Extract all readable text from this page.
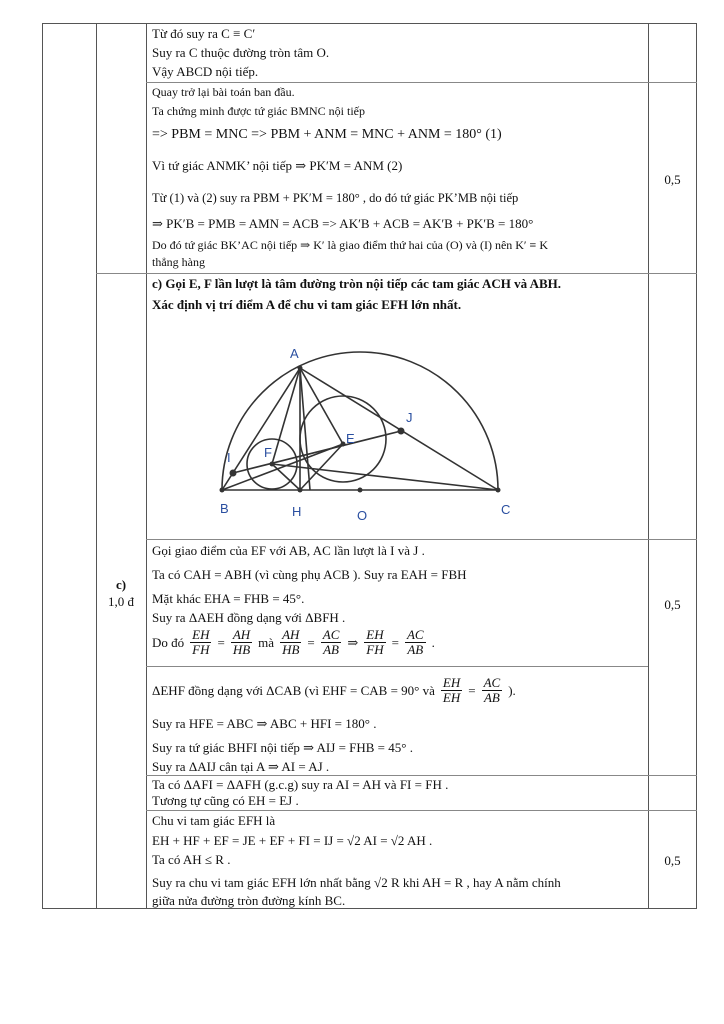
c)
1,0 đ
0,5
0,5
0,5
Từ đó suy ra C ≡ C′
Suy ra C thuộc đường tròn tâm O.
Vậy ABCD nội tiếp.
Quay trở lại bài toán ban đầu.
Ta chứng minh được tứ giác BMNC nội tiếp
=> PBM = MNC => PBM + ANM = MNC + ANM = 180° (1)
Vì tứ giác ANMK’ nội tiếp ⇒ PK′M = ANM (2)
Từ (1) và (2) suy ra PBM + PK′M = 180° , do đó tứ giác PK’MB nội tiếp
⇒ PK′B = PMB = AMN = ACB => AK′B + ACB = AK′B + PK′B = 180°
Do đó tứ giác BK’AC nội tiếp ⇒ K′ là giao điểm thứ hai của (O) và (I) nên K′ ≡ K
thẳng hàng
c) Gọi E, F lần lượt là tâm đường tròn nội tiếp các tam giác ACH và ABH.
Xác định vị trí điểm A để chu vi tam giác EFH lớn nhất.
A
B	C
H	O
E
F
I
J
Gọi giao điểm của EF với AB, AC lần lượt là I và J .
Ta có CAH = ABH (vì cùng phụ ACB ). Suy ra EAH = FBH
Mặt khác EHA = FHB = 45°.
Suy ra ΔAEH đồng dạng với ΔBFH .
Do đó $\frac{EH}{FH} = \frac{AH}{HB}$ mà $\frac{AH}{HB} = \frac{AC}{AB}$ ⇒ $\frac{EH}{FH} = \frac{AC}{AB}$ .
ΔEHF đồng dạng với ΔCAB (vì EHF = CAB = 90° và $\frac{EH}{EH} = \frac{AC}{AB}$ ).
Suy ra HFE = ABC ⇒ ABC + HFI = 180° .
Suy ra tứ giác BHFI nội tiếp ⇒ AIJ = FHB = 45° .
Suy ra ΔAIJ cân tại A ⇒ AI = AJ .
Ta có ΔAFI = ΔAFH (g.c.g) suy ra AI = AH và FI = FH .
Tương tự cũng có EH = EJ .
Chu vi tam giác EFH là
EH + HF + EF = JE + EF + FI = IJ = √2 AI = √2 AH .
Ta có AH ≤ R .
Suy ra chu vi tam giác EFH lớn nhất bằng √2 R khi AH = R , hay A nằm chính
giữa nửa đường tròn đường kính BC.
